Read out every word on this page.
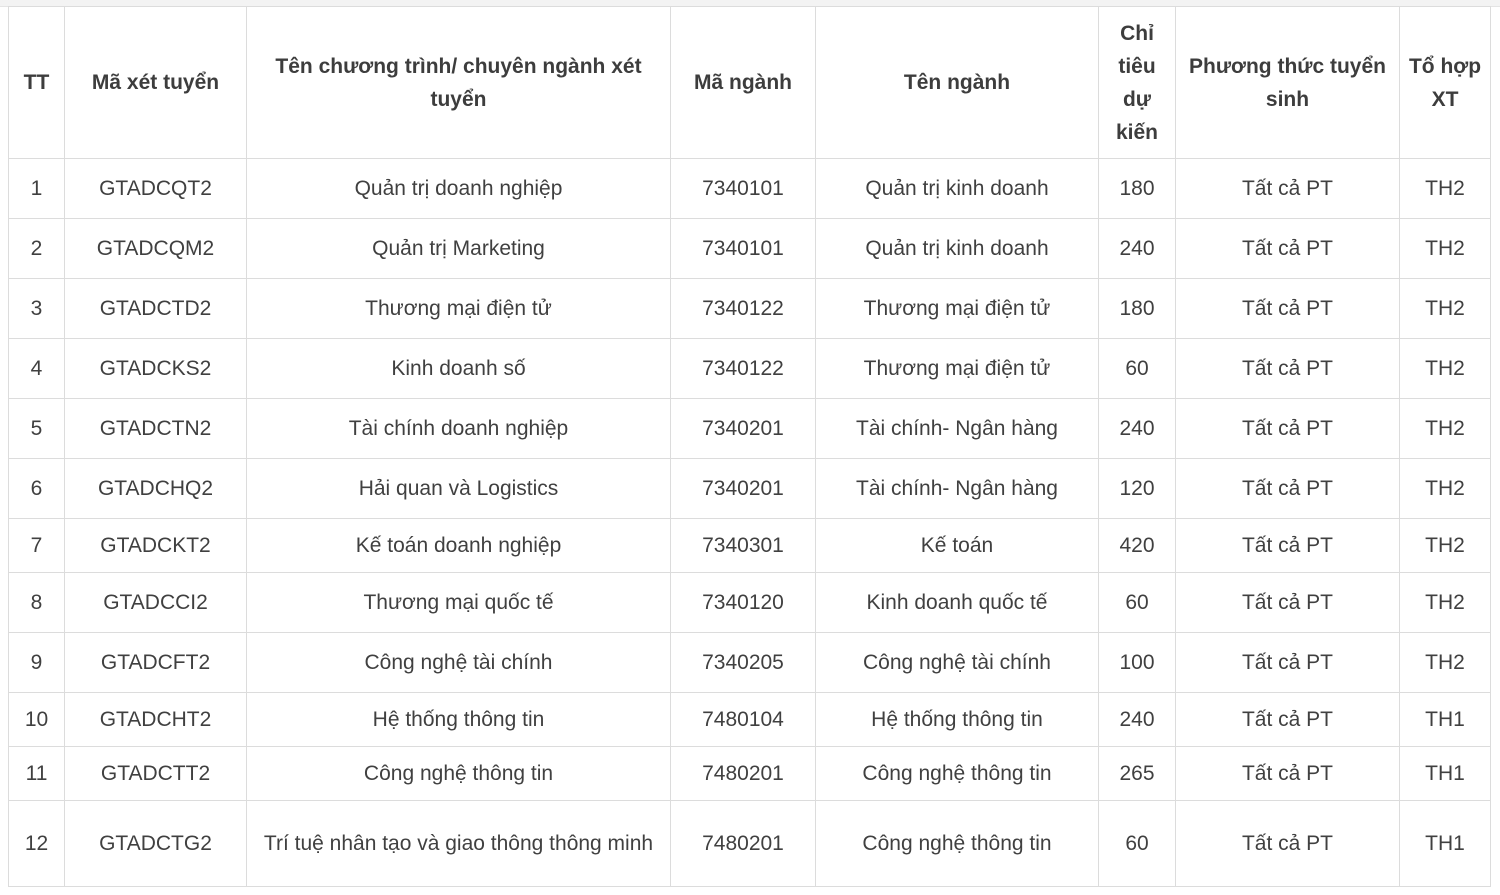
TT	Mã xét tuyển	Tên chương trình/ chuyên ngành xét tuyển	Mã ngành	Tên ngành	Chỉ tiêu dự kiến	Phương thức tuyển sinh	Tổ hợp XT
1	GTADCQT2	Quản trị doanh nghiệp	7340101	Quản trị kinh doanh	180	Tất cả PT	TH2
2	GTADCQM2	Quản trị Marketing	7340101	Quản trị kinh doanh	240	Tất cả PT	TH2
3	GTADCTD2	Thương mại điện tử	7340122	Thương mại điện tử	180	Tất cả PT	TH2
4	GTADCKS2	Kinh doanh số	7340122	Thương mại điện tử	60	Tất cả PT	TH2
5	GTADCTN2	Tài chính doanh nghiệp	7340201	Tài chính- Ngân hàng	240	Tất cả PT	TH2
6	GTADCHQ2	Hải quan và Logistics	7340201	Tài chính- Ngân hàng	120	Tất cả PT	TH2
7	GTADCKT2	Kế toán doanh nghiệp	7340301	Kế toán	420	Tất cả PT	TH2
8	GTADCCI2	Thương mại quốc tế	7340120	Kinh doanh quốc tế	60	Tất cả PT	TH2
9	GTADCFT2	Công nghệ tài chính	7340205	Công nghệ tài chính	100	Tất cả PT	TH2
10	GTADCHT2	Hệ thống thông tin	7480104	Hệ thống thông tin	240	Tất cả PT	TH1
11	GTADCTT2	Công nghệ thông tin	7480201	Công nghệ thông tin	265	Tất cả PT	TH1
12	GTADCTG2	Trí tuệ nhân tạo và giao thông thông minh	7480201	Công nghệ thông tin	60	Tất cả PT	TH1
